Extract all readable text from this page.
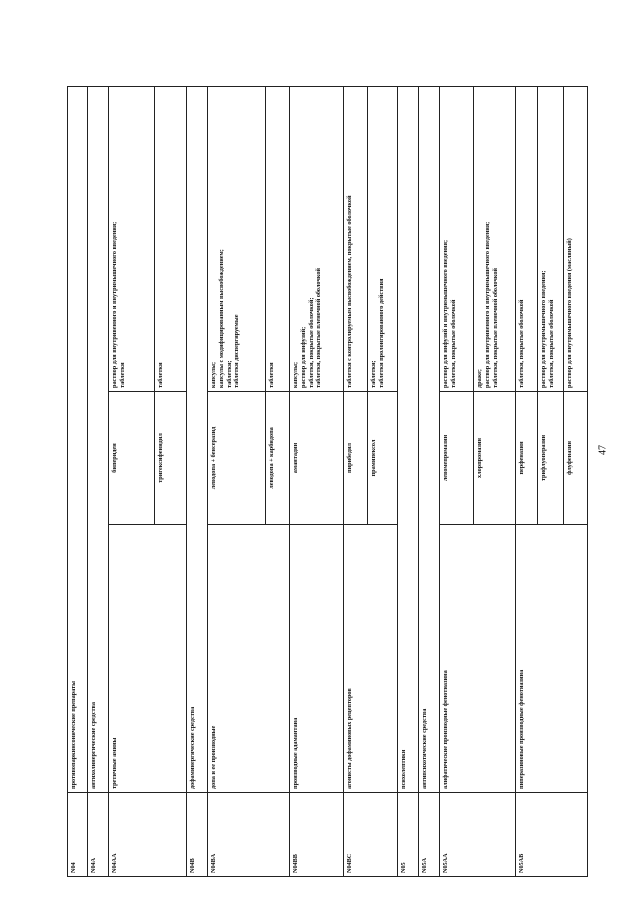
47
N04	противопаркинсонические препараты		
N04A	антихолинергические средства		
N04AA	третичные амины	бипериден	раствор для внутривенного и внутримышечного введения; таблетки

		тригексифенидил	таблетки

N04B	дофаминергические средства		
N04BA	допа и ее производные	леводопа + бенсеразид	капсулы; капсулы с модифицированным высвобождением; таблетки; таблетки диспергируемые

		леводопа + карбидопа	таблетки

N04BB	производные адамантана	амантадин	капсулы; раствор для инфузий; таблетки, покрытые оболочкой; таблетки, покрытые пленочной оболочкой

N04BC	агонисты дофаминовых рецепторов	пирибедил	таблетки с контролируемым высвобождением, покрытые оболочкой

		прамипексол	таблетки; таблетки пролонгированного действия

N05	психолептики		
N05A	антипсихотические средства		
N05AA	алифатические производные фенотиазина	левомепромазин	раствор для инфузий и внутримышечного введения; таблетки, покрытые оболочкой

		хлорпромазин	драже; раствор для внутривенного и внутримышечного введения; таблетки, покрытые пленочной оболочкой

N05AB	пиперазиновые производные фенотиазина	перфеназин	таблетки, покрытые оболочкой

		трифлуоперазин	раствор для внутримышечного введения; таблетки, покрытые оболочкой

		флуфеназин	раствор для внутримышечного введения (масляный)
